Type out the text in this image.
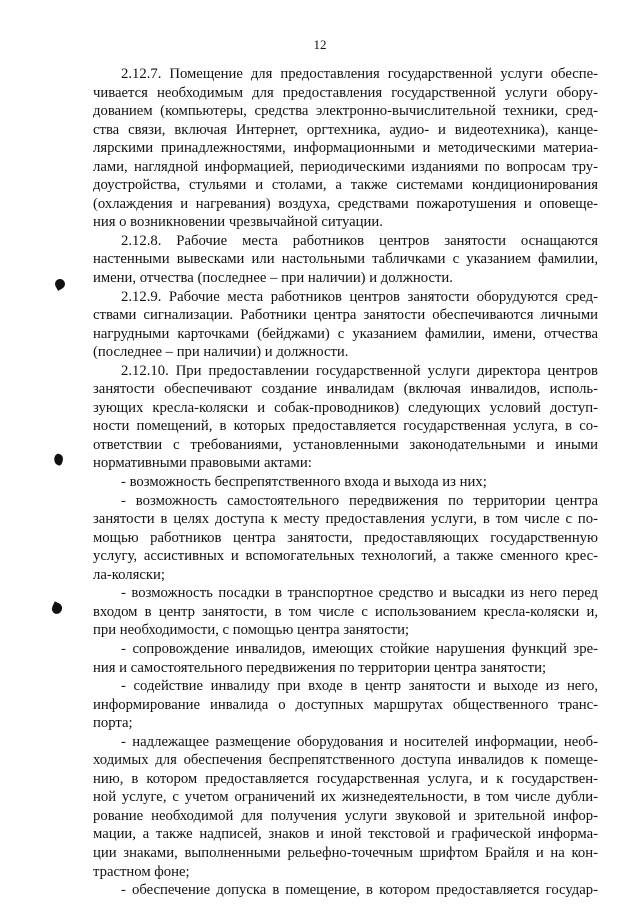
12
2.12.7. Помещение для предоставления государственной услуги обеспе-
чивается необходимым для предоставления государственной услуги обору-
дованием (компьютеры, средства электронно-вычислительной техники, сред-
ства связи, включая Интернет, оргтехника, аудио- и видеотехника), канце-
лярскими принадлежностями, информационными и методическими материа-
лами, наглядной информацией, периодическими изданиями по вопросам тру-
доустройства, стульями и столами, а также системами кондиционирования
(охлаждения и нагревания) воздуха, средствами пожаротушения и оповеще-
ния о возникновении чрезвычайной ситуации.
2.12.8. Рабочие места работников центров занятости оснащаются
настенными вывесками или настольными табличками с указанием фамилии,
имени, отчества (последнее – при наличии) и должности.
2.12.9. Рабочие места работников центров занятости оборудуются сред-
ствами сигнализации. Работники центра занятости обеспечиваются личными
нагрудными карточками (бейджами) с указанием фамилии, имени, отчества
(последнее – при наличии) и должности.
2.12.10. При предоставлении государственной услуги директора центров
занятости обеспечивают создание инвалидам (включая инвалидов, исполь-
зующих кресла-коляски и собак-проводников) следующих условий доступ-
ности помещений, в которых предоставляется государственная услуга, в со-
ответствии с требованиями, установленными законодательными и иными
нормативными правовыми актами:
- возможность беспрепятственного входа и выхода из них;
- возможность самостоятельного передвижения по территории центра
занятости в целях доступа к месту предоставления услуги, в том числе с по-
мощью работников центра занятости, предоставляющих государственную
услугу, ассистивных и вспомогательных технологий, а также сменного крес-
ла-коляски;
- возможность посадки в транспортное средство и высадки из него перед
входом в центр занятости, в том числе с использованием кресла-коляски и,
при необходимости, с помощью центра занятости;
- сопровождение инвалидов, имеющих стойкие нарушения функций зре-
ния и самостоятельного передвижения по территории центра занятости;
- содействие инвалиду при входе в центр занятости и выходе из него,
информирование инвалида о доступных маршрутах общественного транс-
порта;
- надлежащее размещение оборудования и носителей информации, необ-
ходимых для обеспечения беспрепятственного доступа инвалидов к помеще-
нию, в котором предоставляется государственная услуга, и к государствен-
ной услуге, с учетом ограничений их жизнедеятельности, в том числе дубли-
рование необходимой для получения услуги звуковой и зрительной инфор-
мации, а также надписей, знаков и иной текстовой и графической информа-
ции знаками, выполненными рельефно-точечным шрифтом Брайля и на кон-
трастном фоне;
- обеспечение допуска в помещение, в котором предоставляется государ-
